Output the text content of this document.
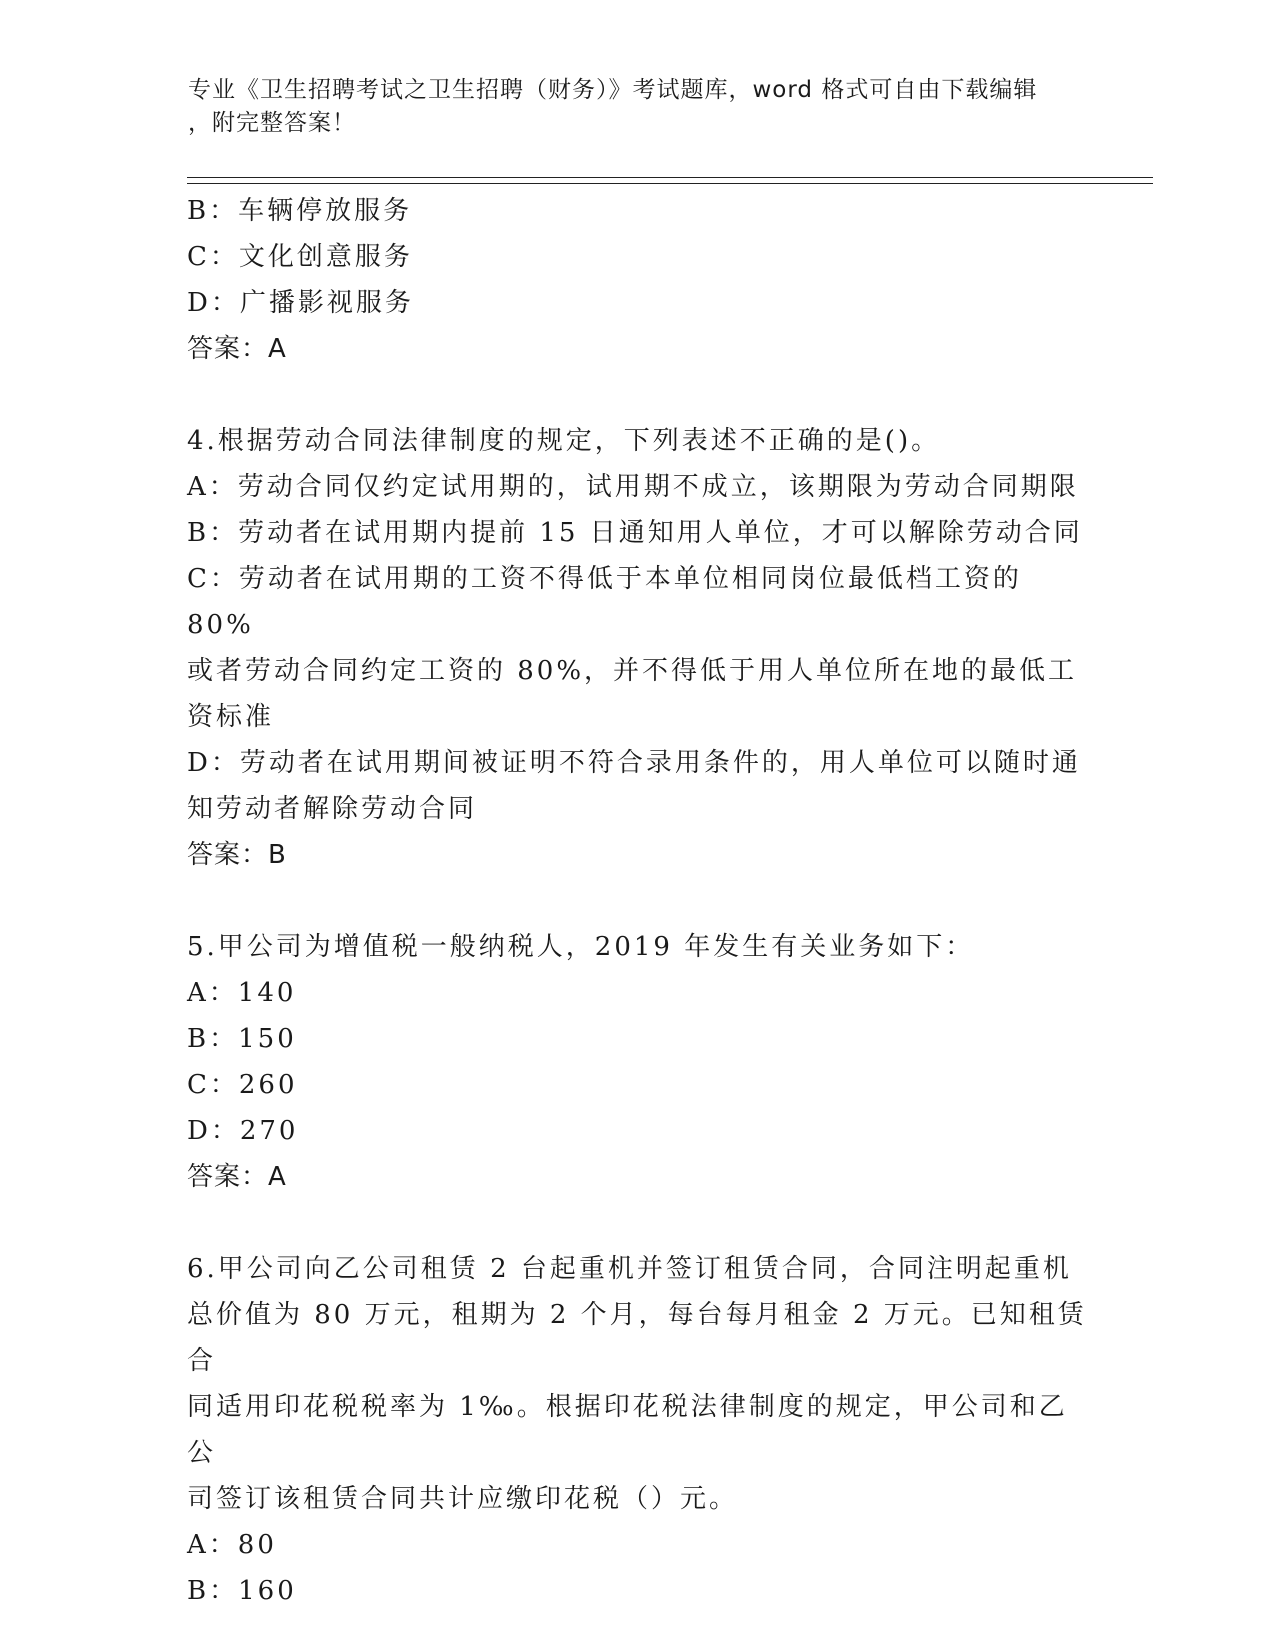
专业《卫生招聘考试之卫生招聘（财务）》考试题库，word 格式可自由下载编辑
，附完整答案！

B：车辆停放服务

C：文化创意服务

D：广播影视服务

答案：A

4.根据劳动合同法律制度的规定，下列表述不正确的是()。

A：劳动合同仅约定试用期的，试用期不成立，该期限为劳动合同期限

B：劳动者在试用期内提前 15 日通知用人单位，才可以解除劳动合同

C：劳动者在试用期的工资不得低于本单位相同岗位最低档工资的 80%

或者劳动合同约定工资的 80%，并不得低于用人单位所在地的最低工

资标准

D：劳动者在试用期间被证明不符合录用条件的，用人单位可以随时通

知劳动者解除劳动合同

答案：B

5.甲公司为增值税一般纳税人，2019 年发生有关业务如下：

A：140

B：150

C：260

D：270

答案：A

6.甲公司向乙公司租赁 2 台起重机并签订租赁合同，合同注明起重机

总价值为 80 万元，租期为 2 个月，每台每月租金 2 万元。已知租赁合

同适用印花税税率为 1‰。根据印花税法律制度的规定，甲公司和乙公

司签订该租赁合同共计应缴印花税（）元。

A：80

B：160
